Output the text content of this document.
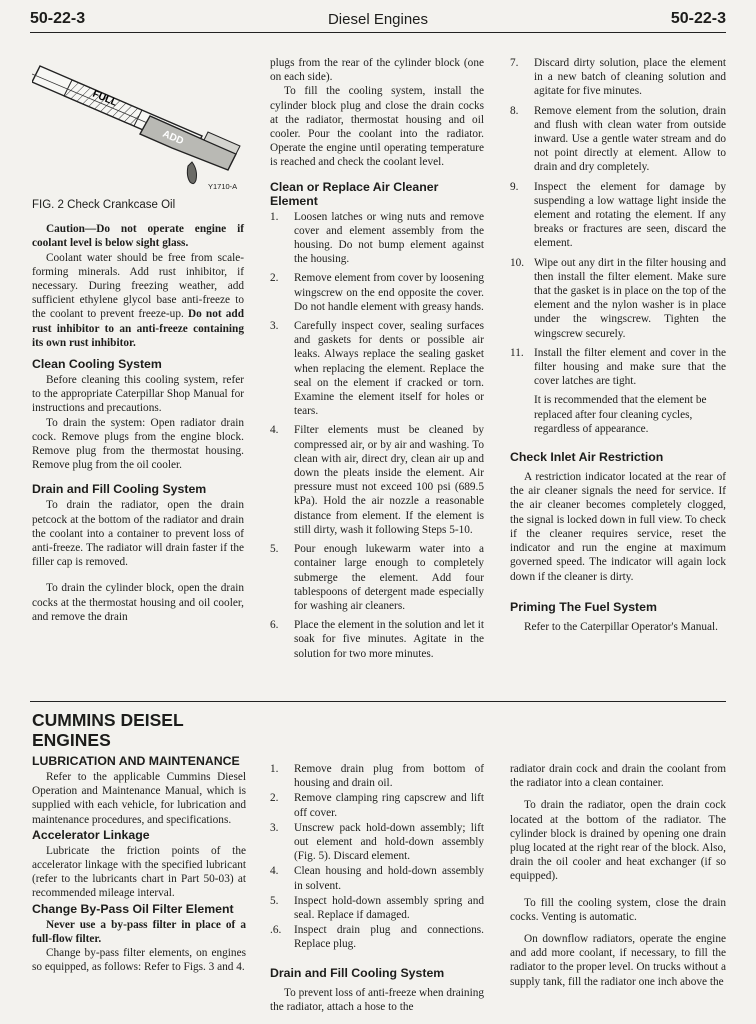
50-22-3	Diesel Engines	50-22-3
FULL
ADD
Y1710-A
FIG. 2 Check Crankcase Oil

Caution—Do not operate engine if coolant level is below sight glass.

Coolant water should be free from scale-forming minerals. Add rust inhibitor, if necessary. During freezing weather, add sufficient ethylene glycol base anti-freeze to the coolant to prevent freeze-up. Do not add rust inhibitor to an anti-freeze containing its own rust inhibitor.

Clean Cooling System

Before cleaning this cooling system, refer to the appropriate Caterpillar Shop Manual for instructions and precautions.

To drain the system: Open radiator drain cock. Remove plugs from the engine block. Remove plug from the thermostat housing. Remove plug from the oil cooler.

Drain and Fill Cooling System

To drain the radiator, open the drain petcock at the bottom of the radiator and drain the coolant into a container to prevent loss of anti-freeze. The radiator will drain faster if the filler cap is removed.

To drain the cylinder block, open the drain cocks at the thermostat housing and oil cooler, and remove the drain

plugs from the rear of the cylinder block (one on each side).

To fill the cooling system, install the cylinder block plug and close the drain cocks at the radiator, thermostat housing and oil cooler. Pour the coolant into the radiator. Operate the engine until operating temperature is reached and check the coolant level.

Clean or Replace Air Cleaner Element
1.	Loosen latches or wing nuts and remove cover and element assembly from the housing. Do not bump element against the housing.

2.	Remove element from cover by loosening wingscrew on the end opposite the cover. Do not handle element with greasy hands.

3.	Carefully inspect cover, sealing surfaces and gaskets for dents or possible air leaks. Always replace the sealing gasket when replacing the element. Replace the seal on the element if cracked or torn. Examine the element itself for holes or tears.

4.	Filter elements must be cleaned by compressed air, or by air and washing. To clean with air, direct dry, clean air up and down the pleats inside the element. Air pressure must not exceed 100 psi (689.5 kPa). Hold the air nozzle a reasonable distance from element. If the element is still dirty, wash it following Steps 5-10.

5.	Pour enough lukewarm water into a container large enough to completely submerge the element. Add four tablespoons of detergent made especially for washing air cleaners.

6.	Place the element in the solution and let it soak for five minutes. Agitate in the solution for two more minutes.

7.	Discard dirty solution, place the element in a new batch of cleaning solution and agitate for five minutes.

8.	Remove element from the solution, drain and flush with clean water from outside inward. Use a gentle water stream and do not point directly at element. Allow to drain and dry completely.

9.	Inspect the element for damage by suspending a low wattage light inside the element and rotating the element. If any breaks or fractures are seen, discard the element.

10. Wipe out any dirt in the filter housing and then install the filter element. Make sure that the gasket is in place on the top of the element and the nylon washer is in place under the wingscrew. Tighten the wingscrew securely.

11. Install the filter element and cover in the filter housing and make sure that the cover latches are tight.

It is recommended that the element be replaced after four cleaning cycles, regardless of appearance.

Check Inlet Air Restriction

A restriction indicator located at the rear of the air cleaner signals the need for service. If the air cleaner becomes completely clogged, the signal is locked down in full view. To check if the cleaner requires service, reset the indicator and run the engine at maximum governed speed. The indicator will again lock down if the cleaner is dirty.

Priming The Fuel System

Refer to the Caterpillar Operator's Manual.

CUMMINS DEISEL ENGINES
LUBRICATION AND MAINTENANCE

Refer to the applicable Cummins Diesel Operation and Maintenance Manual, which is supplied with each vehicle, for lubrication and maintenance procedures, and specifications.

Accelerator Linkage

Lubricate the friction points of the accelerator linkage with the specified lubricant (refer to the lubricants chart in Part 50-03) at recommended mileage interval.

Change By-Pass Oil Filter Element

Never use a by-pass filter in place of a full-flow filter.

Change by-pass filter elements, on engines so equipped, as follows: Refer to Figs. 3 and 4.

1.	Remove drain plug from bottom of housing and drain oil.

2.	Remove clamping ring capscrew and lift off cover.

3.	Unscrew pack hold-down assembly; lift out element and hold-down assembly (Fig. 5). Discard element.

4.	Clean housing and hold-down assembly in solvent.

5.	Inspect hold-down assembly spring and seal. Replace if damaged.

.6.	Inspect drain plug and connections. Replace plug.

Drain and Fill Cooling System

To prevent loss of anti-freeze when draining the radiator, attach a hose to the

radiator drain cock and drain the coolant from the radiator into a clean container.

To drain the radiator, open the drain cock located at the bottom of the radiator. The cylinder block is drained by opening one drain plug located at the right rear of the block. Also, drain the oil cooler and heat exchanger (if so equipped).

To fill the cooling system, close the drain cocks. Venting is automatic.

On downflow radiators, operate the engine and add more coolant, if necessary, to fill the radiator to the proper level. On trucks without a supply tank, fill the radiator one inch above the
